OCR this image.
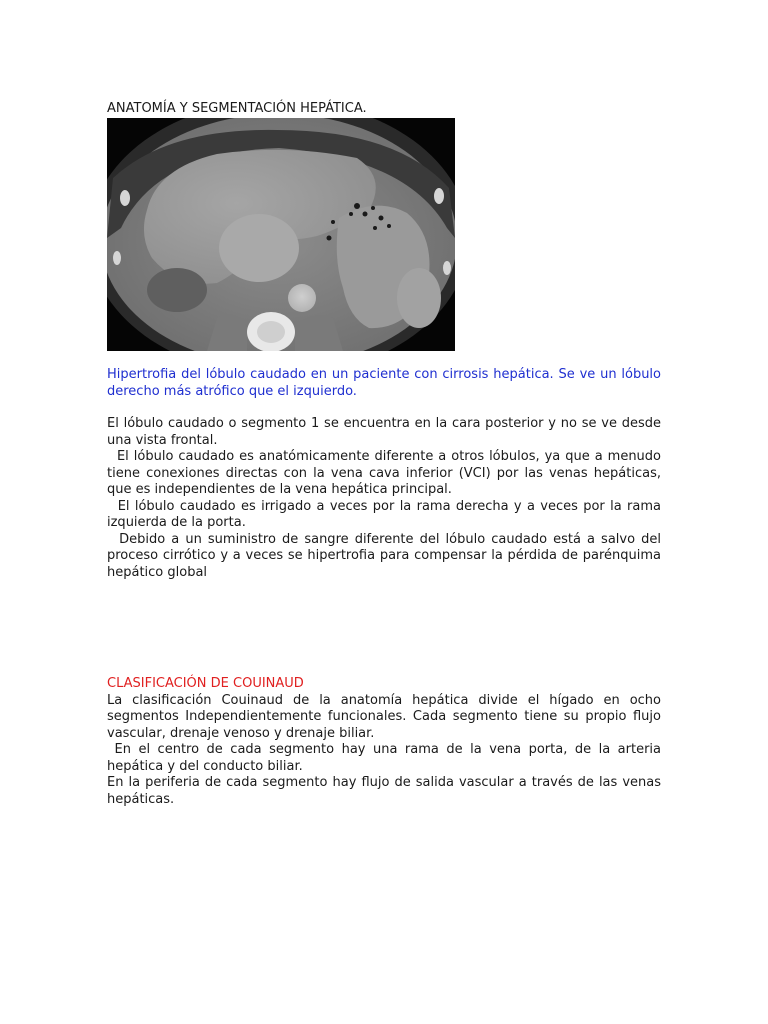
ANATOMÍA Y SEGMENTACIÓN HEPÁTICA.

Hipertrofia del lóbulo caudado en un paciente con cirrosis hepática. Se ve un lóbulo derecho más atrófico que el izquierdo.

El lóbulo caudado o segmento 1 se encuentra en la cara posterior y no se ve desde una vista frontal.

El lóbulo caudado es anatómicamente diferente a otros lóbulos, ya que a menudo tiene conexiones directas con la vena cava inferior (VCI) por las venas hepáticas, que es independientes de la vena hepática principal.

El lóbulo caudado es irrigado a veces por la rama derecha y a veces por la rama izquierda de la porta.

Debido a un suministro de sangre diferente del lóbulo caudado está a salvo del proceso cirrótico y a veces se hipertrofia para compensar la pérdida de parénquima hepático global

CLASIFICACIÓN DE COUINAUD

La clasificación Couinaud de la anatomía hepática divide el hígado en ocho segmentos Independientemente funcionales. Cada segmento tiene su propio flujo vascular, drenaje venoso y drenaje biliar.

En el centro de cada segmento hay una rama de la vena porta, de la arteria hepática y del conducto biliar.

En la periferia de cada segmento hay flujo de salida vascular a través de las venas hepáticas.
